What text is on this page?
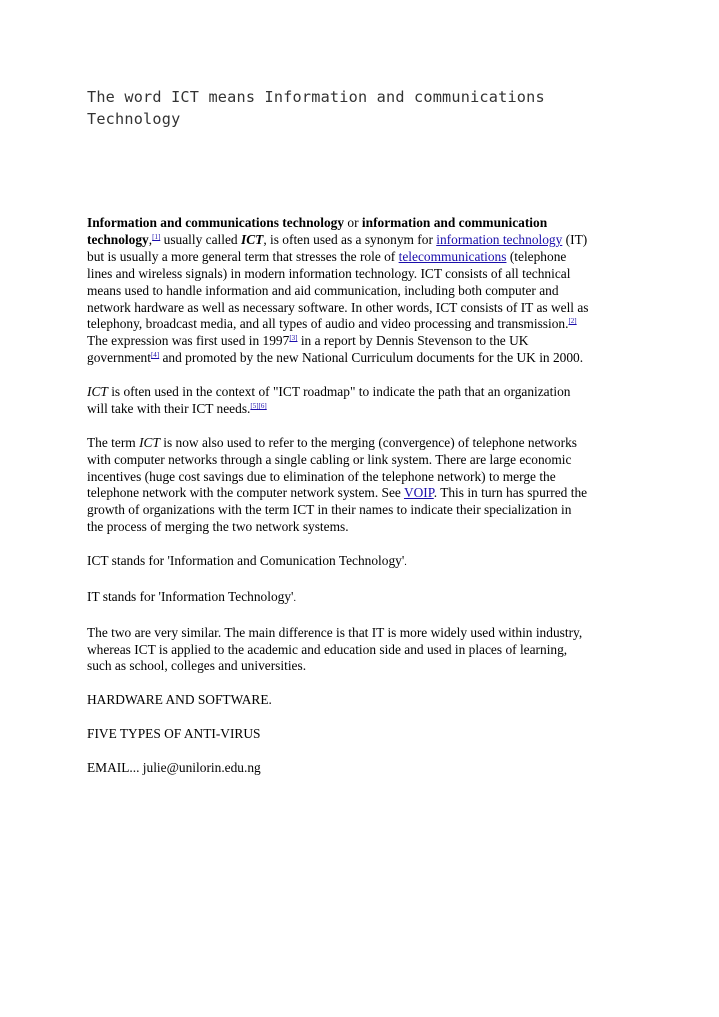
The word ICT means Information and communications
Technology

Information and communications technology or information and communication
technology,[1] usually called ICT, is often used as a synonym for information technology (IT)
but is usually a more general term that stresses the role of telecommunications (telephone
lines and wireless signals) in modern information technology. ICT consists of all technical
means used to handle information and aid communication, including both computer and
network hardware as well as necessary software. In other words, ICT consists of IT as well as
telephony, broadcast media, and all types of audio and video processing and transmission.[2]
The expression was first used in 1997[3] in a report by Dennis Stevenson to the UK
government[4] and promoted by the new National Curriculum documents for the UK in 2000.

ICT is often used in the context of "ICT roadmap" to indicate the path that an organization
will take with their ICT needs.[5][6]

The term ICT is now also used to refer to the merging (convergence) of telephone networks
with computer networks through a single cabling or link system. There are large economic
incentives (huge cost savings due to elimination of the telephone network) to merge the
telephone network with the computer network system. See VOIP. This in turn has spurred the
growth of organizations with the term ICT in their names to indicate their specialization in
the process of merging the two network systems.

ICT stands for 'Information and Comunication Technology'.

IT stands for 'Information Technology'.

The two are very similar. The main difference is that IT is more widely used within industry,
whereas ICT is applied to the academic and education side and used in places of learning,
such as school, colleges and universities.

HARDWARE AND SOFTWARE.

FIVE TYPES OF ANTI-VIRUS

EMAIL... julie@unilorin.edu.ng
